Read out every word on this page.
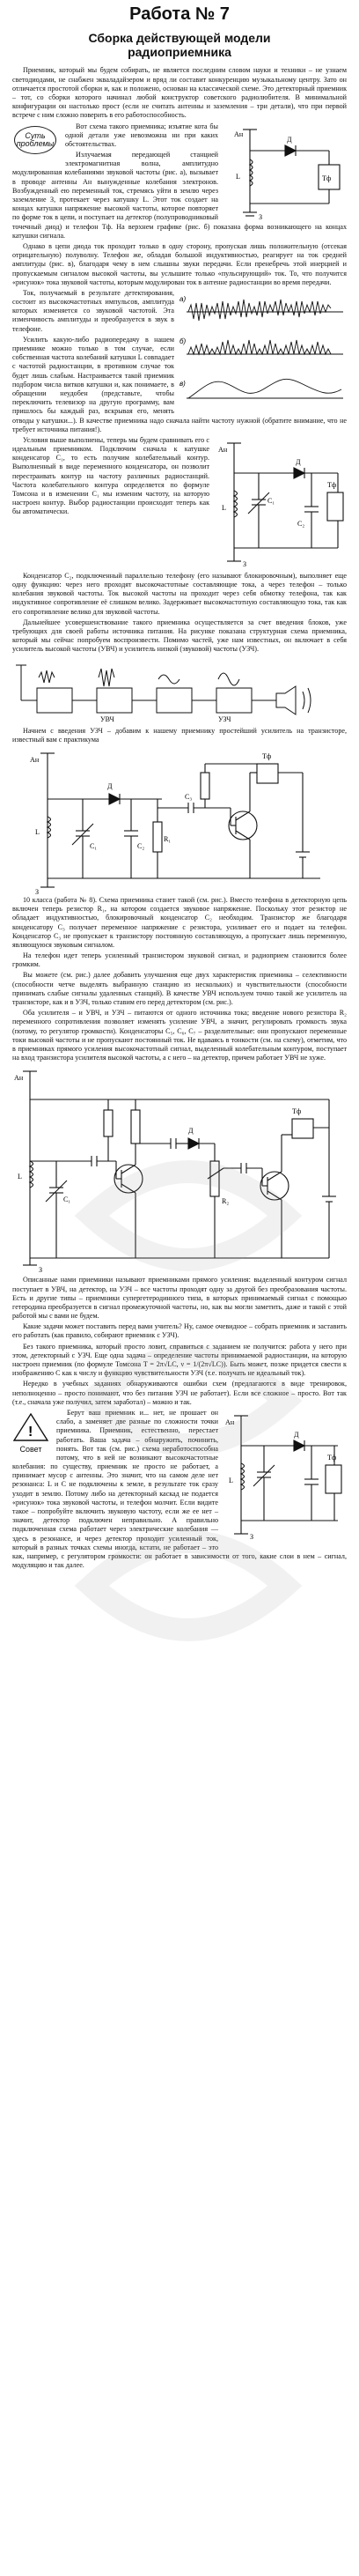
Работа № 7
Сборка действующей модели
радиоприемника

Приемник, который мы будем собирать, не является последним словом науки и техники – не узнаем светодиодами, не снабжен экваладайзером и вряд ли составит конкуренцию музыкальному центру. Зато он отличается простотой сборки и, как и положено, основан на классической схеме. Это детекторный приемник – тот, со сборки которого начинал любой конструктор советского радиолюбителя. В минимальной конфигурации он настолько прост (если не считать антенны и заземления – три детали), что при первой встрече с ним сложно поверить в его работоспособность.

Суть проблемы
Ан
Д
L	Тф
З

Вот схема такого приемника; изъятие кота бы одной детали уже невозможна ни при каких обстоятельствах.

Излучаемая передающей станцией электромагнитная волна, амплитудно модулированная колебаниями звуковой частоты (рис. а), вызывает в проводе антенны Ан вынужденные колебания электронов. Возбужденный ею переменный ток, стремясь уйти в землю через заземление З, протекает через катушку L. Этот ток создает на концах катушки напряжение высокой частоты, которое повторяет по форме ток в цепи, и поступает на детектор (полупроводниковый точечный диод) и телефон Тф. На верхнем графике (рис. б) показана форма возникающего на концах катушки сигнала.

Однако в цепи диода ток проходит только в одну сторону, пропуская лишь положительную (отсекая отрицательную) полуволну. Телефон же, обладая большой индуктивностью, реагирует на ток средней амплитуды (рис. в), благодаря чему в нем слышны звуки передачи. Если пренебречь этой инерцией и пропускаемым сигналом высокой частоты, вы услышите только «пульсирующий» ток. То, что получится «рисунок» тока звуковой частоты, которым модулирован ток в антенне радиостанции во время передачи.

а)
б)
в)

Ток, получаемый в результате детектирования, состоит из высокочастотных импульсов, амплитуда которых изменяется со звуковой частотой. Эта изменчивость амплитуды и преобразуется в звук в телефоне.

Усилить какую-либо радиопередачу в нашем приемнике можно только в том случае, если собственная частота колебаний катушки L совпадает с частотой радиостанции, в противном случае ток будет лишь слабым. Настраивается такой приемник подбором числа витков катушки и, как понимаете, в обращении неудобен (представьте, чтобы переключить телевизор на другую программу, вам пришлось бы каждый раз, вскрывая его, менять отводы у катушки...). В качестве приемника надо сначала найти частоту нужной (обратите внимание, что не требует источника питания!).

Ан
Д
L
С₁
С₂
Тф
З

Условия выше выполнены, теперь мы будем сравнивать его с идеальным приемником. Подключим сначала к катушке конденсатор С₁, то есть получим колебательный контур. Выполненный в виде переменного конденсатора, он позволит перестраивать контур на частоту различных радиостанций. Частота колебательного контура определяется по формуле Томсона и в изменении С₁ мы изменим частоту, на которую настроен контур. Выбор радиостанции происходит теперь как бы автоматически.

Конденсатор С₂, подключенный параллельно телефону (его называют блокировочным), выполняет еще одну функцию: через него проходят высокочастотные составляющие тока, а через телефон – только колебания звуковой частоты. Ток высокой частоты на проходит через себя обмотку телефона, так как индуктивное сопротивление её слишком велико. Задерживает высокочастотную составляющую тока, так как его сопротивление велико для звуковой частоты.

Дальнейшее усовершенствование такого приемника осуществляется за счет введения блоков, уже требующих для своей работы источника питания. На рисунке показана структурная схема приемника, который мы сейчас попробуем воспроизвести. Помимо частей, уже нам известных, он включает в себя усилитель высокой частоты (УВЧ) и усилитель низкой (звуковой) частоты (УЗЧ).

УВЧ	УЗЧ

Начнем с введения УЗЧ – добавим к нашему приемнику простейший усилитель на транзисторе, известный вам с практикума

Ан
Д
L
С₁	С₂
R₁
С₃
Тф
З

10 класса (работа № 8). Схема приемника станет такой (см. рис.). Вместо телефона в детекторную цепь включен теперь резистор R₁, на котором создается звуковое напряжение. Поскольку этот резистор не обладает индуктивностью, блокировочный конденсатор С₂ необходим. Транзистор же благодаря конденсатору С₃ получает переменное напряжение с резистора, усиливает его и подает на телефон. Конденсатор С₃ не пропускает к транзистору постоянную составляющую, а пропускает лишь переменную, являющуюся звуковым сигналом.

На телефон идет теперь усиленный транзистором звуковой сигнал, и радиоприем становится более громким.

Вы можете (см. рис.) далее добавить улучшения еще двух характеристик приемника – селективности (способности четче выделять выбранную станцию из нескольких) и чувствительности (способности принимать слабые сигналы удаленных станций). В качестве УВЧ используем точно такой же усилитель на транзисторе, как и в УЗЧ, только ставим его перед детектором (см. рис.).

Оба усилителя – и УВЧ, и УЗЧ – питаются от одного источника тока; введение нового резистора R₂ переменного сопротивления позволяет изменять усиление УВЧ, а значит, регулировать громкость звука (потому, то регулятор громкости). Конденсаторы С₅, С₆, С₇ – разделительные: они пропускают переменные токи высокой частоты и не пропускают постоянный ток. Не вдаваясь в тонкости (см. на схему), отметим, что в приемниках прямого усиления высокочастотный сигнал, выделенный колебательным контуром, поступает на вход транзистора усилителя высокой частоты, а с него – на детектор, причем работает УВЧ не хуже.

Ан
L
С₁
Д
R₂
Тф
З

Описанные нами приемники называют приемниками прямого усиления: выделенный контуром сигнал поступает в УВЧ, на детектор, на УЗЧ – все частоты проходят одну за другой без преобразования частоты. Есть и другие типы – приемники супергетеродинного типа, в которых принимаемый сигнал с помощью гетеродина преобразуется в сигнал промежуточной частоты, но, как вы могли заметить, даже и такой с этой работой мы с вами не будем.

Какие задачи может поставить перед вами учитель? Ну, самое очевидное – собрать приемник и заставить его работать (как правило, собирают приемник с УЗЧ).

Без такого приемника, который просто ловит, справиться с заданием не получится: работа у него при этом, детекторный с УЗЧ. Еще одна задача – определение частоты принимаемой радиостанции, на которую настроен приемник (по формуле Томсона T = 2π√LC, ν = 1/(2π√LC)). Быть может, позже придется свести к изображению С как к числу и функцию чувствительности УЗЧ (т.е. получать не идеальный ток).

Нередко в учебных заданиях обнаруживаются ошибки схем (предлагаются в виде тренировок, неполноценно – просто понимают, что без питания УЗЧ не работает). Если все сложное – просто. Вот так (т.е., сначала уже получил, затем заработал) – можно и так.

!
Совет
Ан
Д
L
Тф
З

Берут ваш приемник и... нет, не прошает он слабо, а заменяет две разные по сложности точки приемника. Приемник, естественно, перестает работать. Ваша задача – обнаружить, починить, понять. Вот так (см. рис.) схема неработоспособна потому, что в ней не возникают высокочастотные колебания: по существу, приемник не просто не работает, а принимает мусор с антенны. Это значит, что на самом деле нет резонанса: L и С не подключены к земле, в результате ток сразу уходит в землю. Потому либо на детекторный каскад не подается «рисунок» тока звуковой частоты, и телефон молчит. Если видите такое – попробуйте включить звуковую частоту, если же ее нет – значит, детектор подключен неправильно. А правильно подключенная схема работает через электрические колебания — здесь в резонансе, и через детектор проходит усиленный ток, который в разных точках схемы иногда, кстати, не работает – это как, например, с регулятором громкости: он работает в зависимости от того, какие слои в нем – сигнал, модуляцию и так далее.
